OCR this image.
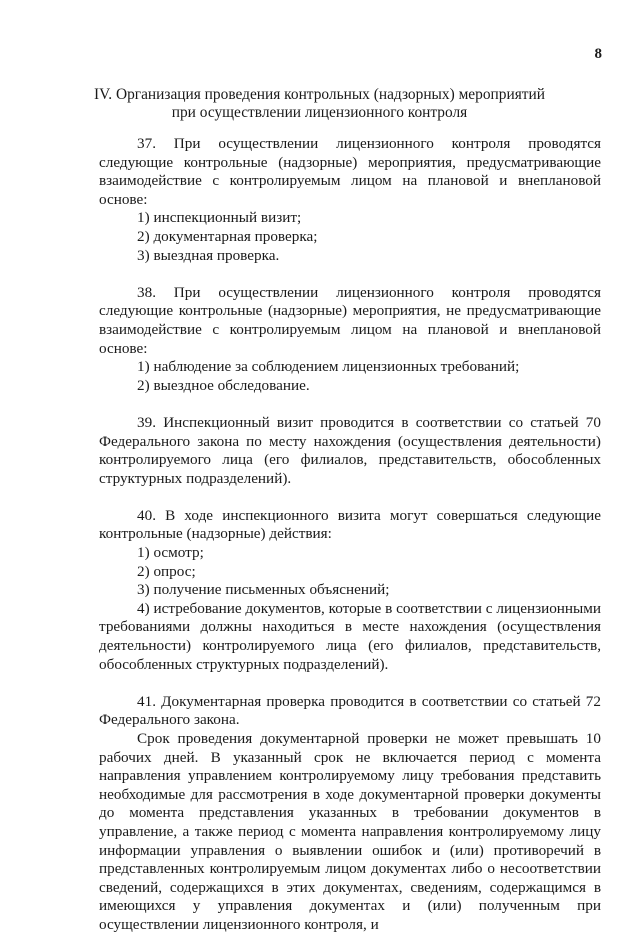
8
IV. Организация проведения контрольных (надзорных) мероприятий
при осуществлении лицензионного контроля

37. При осуществлении лицензионного контроля проводятся следующие контрольные (надзорные) мероприятия, предусматривающие взаимодействие с контролируемым лицом на плановой и внеплановой основе:

1) инспекционный визит;

2) документарная проверка;

3) выездная проверка.

38. При осуществлении лицензионного контроля проводятся следующие контрольные (надзорные) мероприятия, не предусматривающие взаимодействие с контролируемым лицом на плановой и внеплановой основе:

1) наблюдение за соблюдением лицензионных требований;

2) выездное обследование.

39. Инспекционный визит проводится в соответствии со статьей 70 Федерального закона по месту нахождения (осуществления деятельности) контролируемого лица (его филиалов, представительств, обособленных структурных подразделений).

40. В ходе инспекционного визита могут совершаться следующие контрольные (надзорные) действия:

1) осмотр;

2) опрос;

3) получение письменных объяснений;

4) истребование документов, которые в соответствии с лицензионными требованиями должны находиться в месте нахождения (осуществления деятельности) контролируемого лица (его филиалов, представительств, обособленных структурных подразделений).

41. Документарная проверка проводится в соответствии со статьей 72 Федерального закона.

Срок проведения документарной проверки не может превышать 10 рабочих дней. В указанный срок не включается период с момента направления управлением контролируемому лицу требования представить необходимые для рассмотрения в ходе документарной проверки документы до момента представления указанных в требовании документов в управление, а также период с момента направления контролируемому лицу информации управления о выявлении ошибок и (или) противоречий в представленных контролируемым лицом документах либо о несоответствии сведений, содержащихся в этих документах, сведениям, содержащимся в имеющихся у управления документах и (или) полученным при осуществлении лицензионного контроля, и
